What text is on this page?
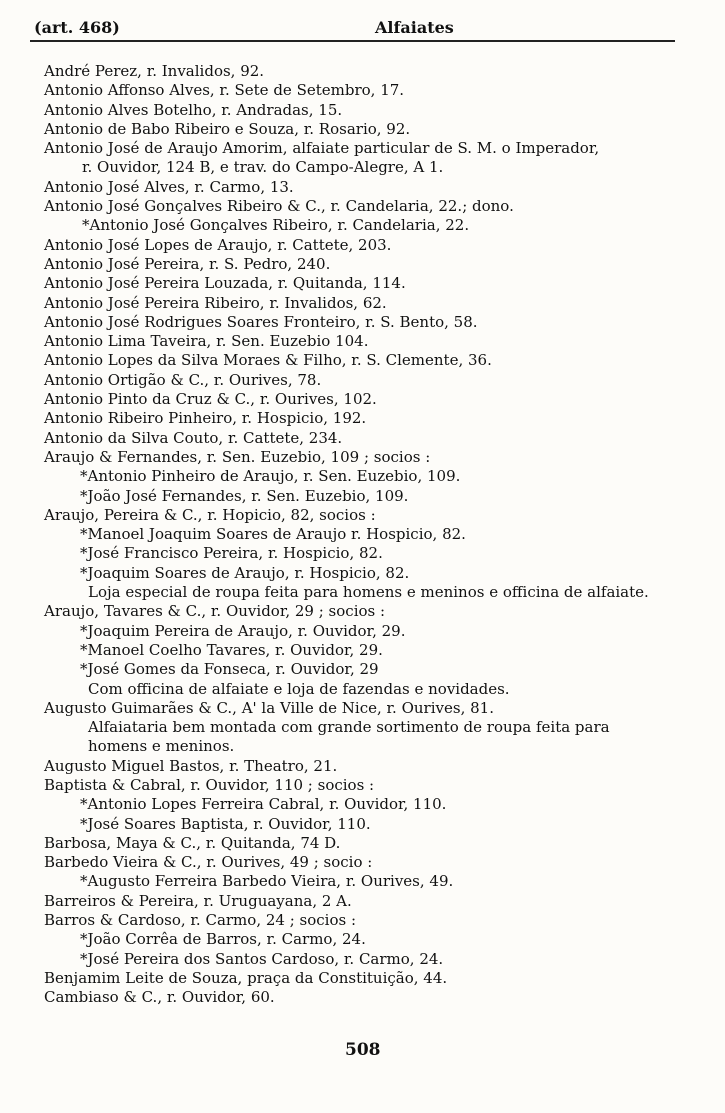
(art. 468)	Alfaiates
André Perez, r. Invalidos, 92.
Antonio Affonso Alves, r. Sete de Setembro, 17.
Antonio Alves Botelho, r. Andradas, 15.
Antonio de Babo Ribeiro e Souza, r. Rosario, 92.
Antonio José de Araujo Amorim, alfaiate particular de S. M. o Imperador,
r. Ouvidor, 124 B, e trav. do Campo-Alegre, A 1.
Antonio José Alves, r. Carmo, 13.
Antonio José Gonçalves Ribeiro & C., r. Candelaria, 22.; dono.
*Antonio José Gonçalves Ribeiro, r. Candelaria, 22.
Antonio José Lopes de Araujo, r. Cattete, 203.
Antonio José Pereira, r. S. Pedro, 240.
Antonio José Pereira Louzada, r. Quitanda, 114.
Antonio José Pereira Ribeiro, r. Invalidos, 62.
Antonio José Rodrigues Soares Fronteiro, r. S. Bento, 58.
Antonio Lima Taveira, r. Sen. Euzebio 104.
Antonio Lopes da Silva Moraes & Filho, r. S. Clemente, 36.
Antonio Ortigão & C., r. Ourives, 78.
Antonio Pinto da Cruz & C., r. Ourives, 102.
Antonio Ribeiro Pinheiro, r. Hospicio, 192.
Antonio da Silva Couto, r. Cattete, 234.
Araujo & Fernandes, r. Sen. Euzebio, 109 ; socios :
*Antonio Pinheiro de Araujo, r. Sen. Euzebio, 109.
*João José Fernandes, r. Sen. Euzebio, 109.
Araujo, Pereira & C., r. Hopicio, 82, socios :
*Manoel Joaquim Soares de Araujo r. Hospicio, 82.
*José Francisco Pereira, r. Hospicio, 82.
*Joaquim Soares de Araujo, r. Hospicio, 82.
Loja especial de roupa feita para homens e meninos e officina de alfaiate.
Araujo, Tavares & C., r. Ouvidor, 29 ; socios :
*Joaquim Pereira de Araujo, r. Ouvidor, 29.
*Manoel Coelho Tavares, r. Ouvidor, 29.
*José Gomes da Fonseca, r. Ouvidor, 29
Com officina de alfaiate e loja de fazendas e novidades.
Augusto Guimarães & C., A' la Ville de Nice, r. Ourives, 81.
Alfaiataria bem montada com grande sortimento de roupa feita para
homens e meninos.
Augusto Miguel Bastos, r. Theatro, 21.
Baptista & Cabral, r. Ouvidor, 110 ; socios :
*Antonio Lopes Ferreira Cabral, r. Ouvidor, 110.
*José Soares Baptista, r. Ouvidor, 110.
Barbosa, Maya & C., r. Quitanda, 74 D.
Barbedo Vieira & C., r. Ourives, 49 ; socio :
*Augusto Ferreira Barbedo Vieira, r. Ourives, 49.
Barreiros & Pereira, r. Uruguayana, 2 A.
Barros & Cardoso, r. Carmo, 24 ; socios :
*João Corrêa de Barros, r. Carmo, 24.
*José Pereira dos Santos Cardoso, r. Carmo, 24.
Benjamim Leite de Souza, praça da Constituição, 44.
Cambiaso & C., r. Ouvidor, 60.
508
